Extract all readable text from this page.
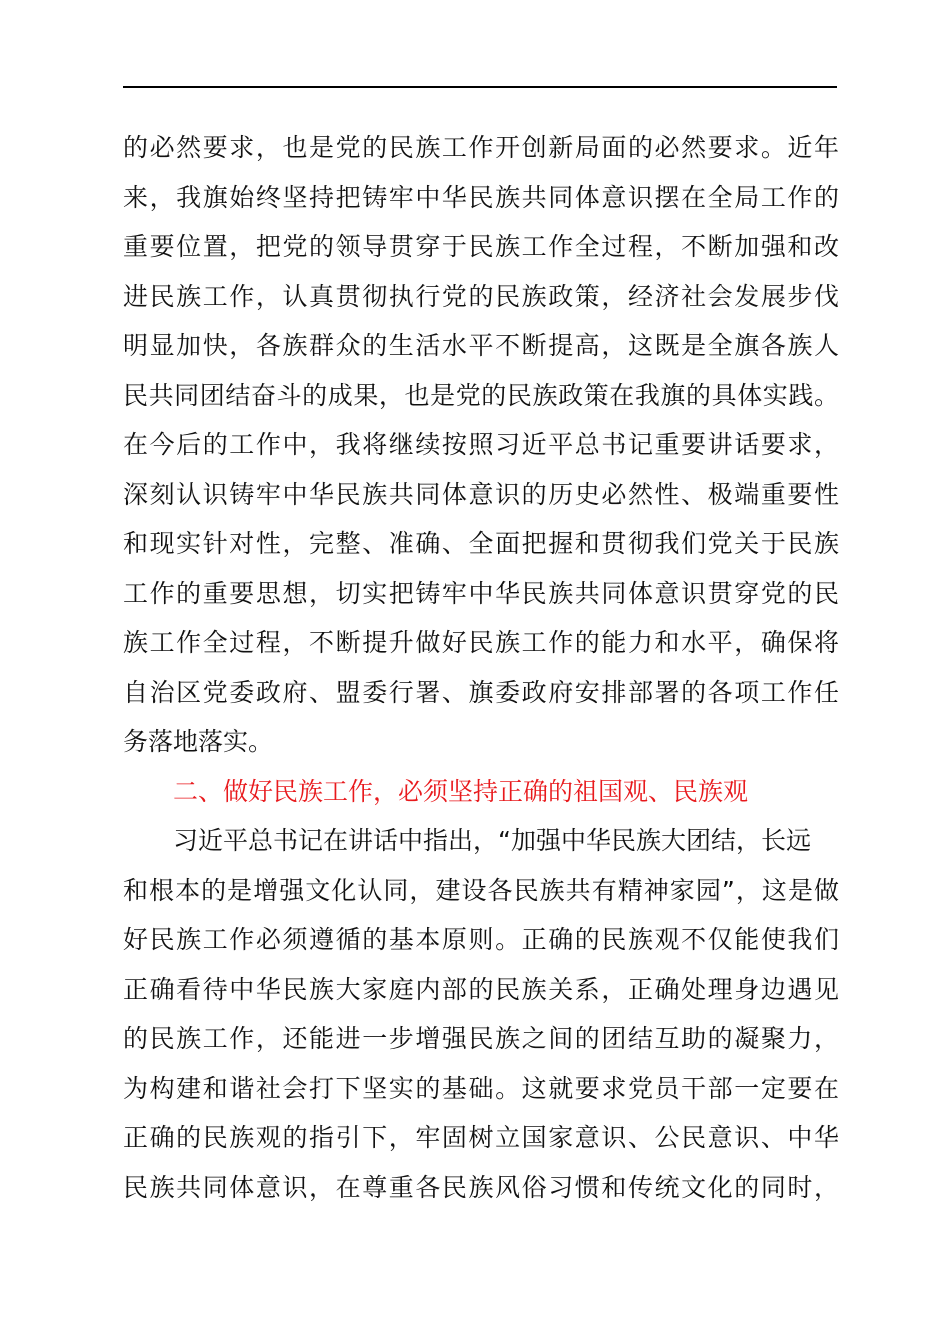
的必然要求，也是党的民族工作开创新局面的必然要求。近年
来，我旗始终坚持把铸牢中华民族共同体意识摆在全局工作的
重要位置，把党的领导贯穿于民族工作全过程，不断加强和改
进民族工作，认真贯彻执行党的民族政策，经济社会发展步伐
明显加快，各族群众的生活水平不断提高，这既是全旗各族人
民共同团结奋斗的成果，也是党的民族政策在我旗的具体实践。
在今后的工作中，我将继续按照习近平总书记重要讲话要求，
深刻认识铸牢中华民族共同体意识的历史必然性、极端重要性
和现实针对性，完整、准确、全面把握和贯彻我们党关于民族
工作的重要思想，切实把铸牢中华民族共同体意识贯穿党的民
族工作全过程，不断提升做好民族工作的能力和水平，确保将
自治区党委政府、盟委行署、旗委政府安排部署的各项工作任
务落地落实。
二、做好民族工作，必须坚持正确的祖国观、民族观
习近平总书记在讲话中指出，“加强中华民族大团结，长远
和根本的是增强文化认同，建设各民族共有精神家园”，这是做
好民族工作必须遵循的基本原则。正确的民族观不仅能使我们
正确看待中华民族大家庭内部的民族关系，正确处理身边遇见
的民族工作，还能进一步增强民族之间的团结互助的凝聚力，
为构建和谐社会打下坚实的基础。这就要求党员干部一定要在
正确的民族观的指引下，牢固树立国家意识、公民意识、中华
民族共同体意识，在尊重各民族风俗习惯和传统文化的同时，
